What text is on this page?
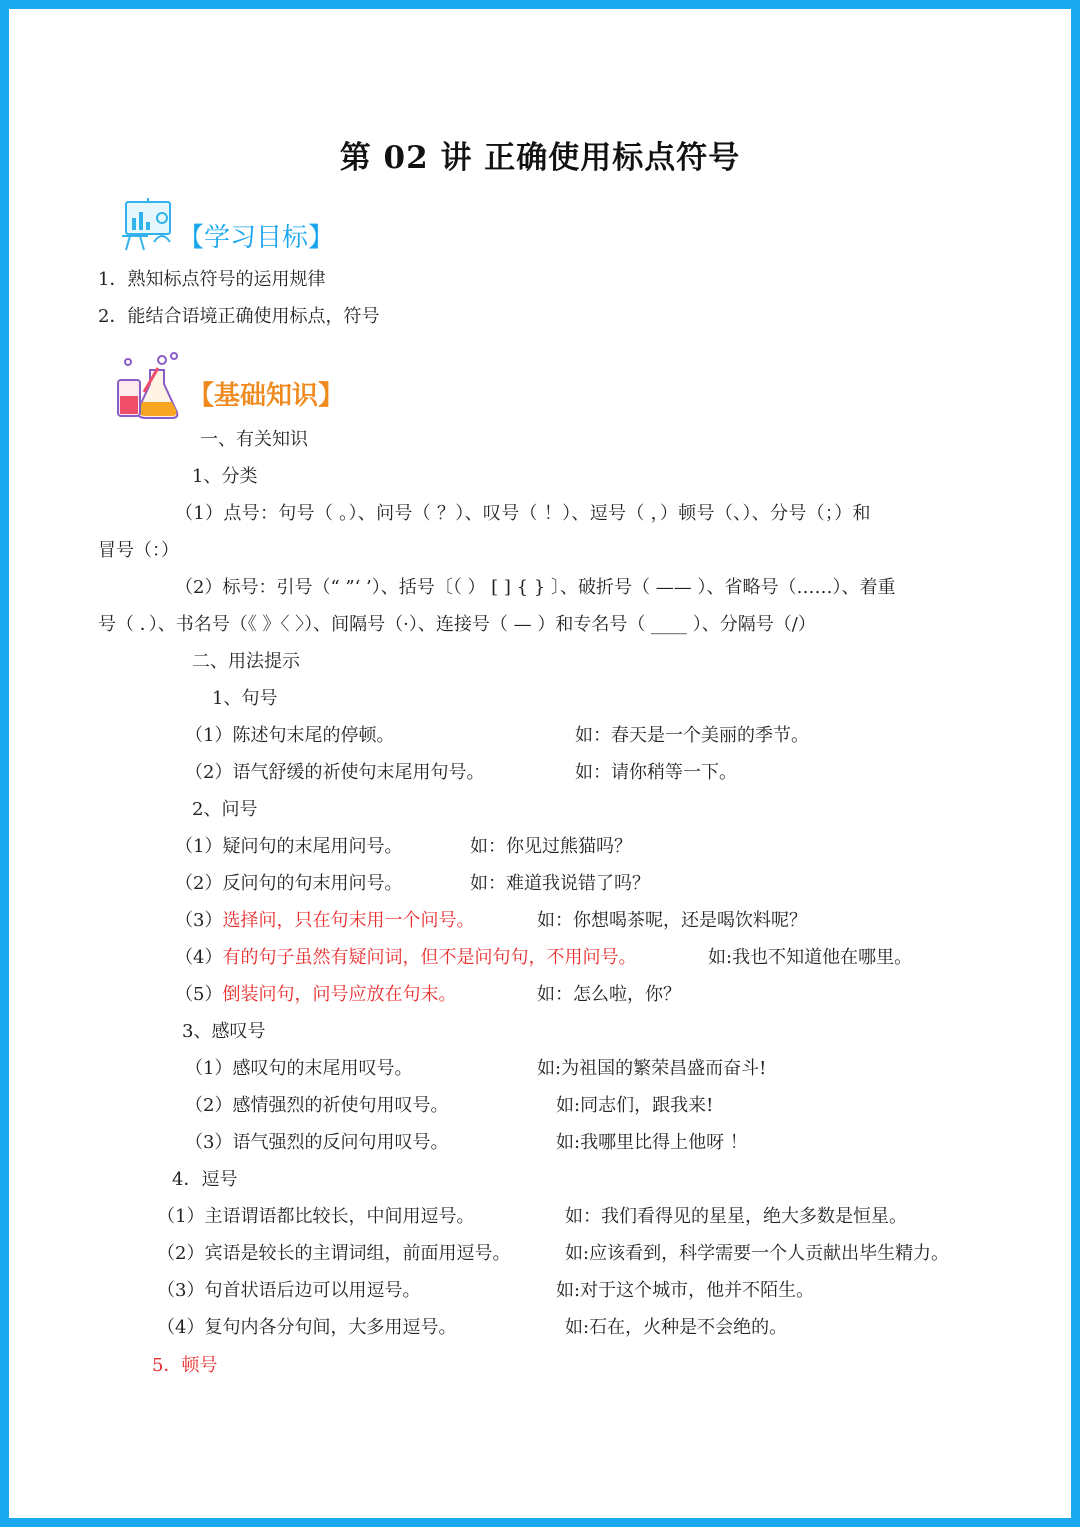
第 02 讲 正确使用标点符号
【学习目标】
1．熟知标点符号的运用规律
2．能结合语境正确使用标点，符号
【基础知识】
一、有关知识
1、分类
（1）点号：句号（ 。）、问号（ ？）、叹号（ ！）、逗号（ ，）顿号（、）、分号（；）和
冒号（：）
（2）标号：引号（“ ”‘ ’）、括号〔（ ） [ ] { } 〕、破折号（ —— ）、省略号（……）、着重
号（ ．）、书名号（《 》〈 〉）、间隔号（·）、连接号（ — ）和专名号（ ____ ）、分隔号（/）
二、用法提示
1、句号
（1）陈述句末尾的停顿。	如：春天是一个美丽的季节。
（2）语气舒缓的祈使句末尾用句号。	如：请你稍等一下。
2、问号
（1）疑问句的末尾用问号。	如：你见过熊猫吗？
（2）反问句的句末用问号。	如：难道我说错了吗？
（3）选择问，只在句末用一个问号。	如：你想喝茶呢，还是喝饮料呢？
（4）有的句子虽然有疑问词，但不是问句句，不用问号。	如:我也不知道他在哪里。
（5）倒装问句，问号应放在句末。	如：怎么啦，你？
3、感叹号
（1）感叹句的末尾用叹号。	如:为祖国的繁荣昌盛而奋斗!
（2）感情强烈的祈使句用叹号。	如:同志们，跟我来!
（3）语气强烈的反问句用叹号。	如:我哪里比得上他呀 ！
4．逗号
（1）主语谓语都比较长，中间用逗号。	如：我们看得见的星星，绝大多数是恒星。
（2）宾语是较长的主谓词组，前面用逗号。	如:应该看到，科学需要一个人贡献出毕生精力。
（3）句首状语后边可以用逗号。	如:对于这个城市，他并不陌生。
（4）复句内各分句间，大多用逗号。	如:石在，火种是不会绝的。
5．顿号
